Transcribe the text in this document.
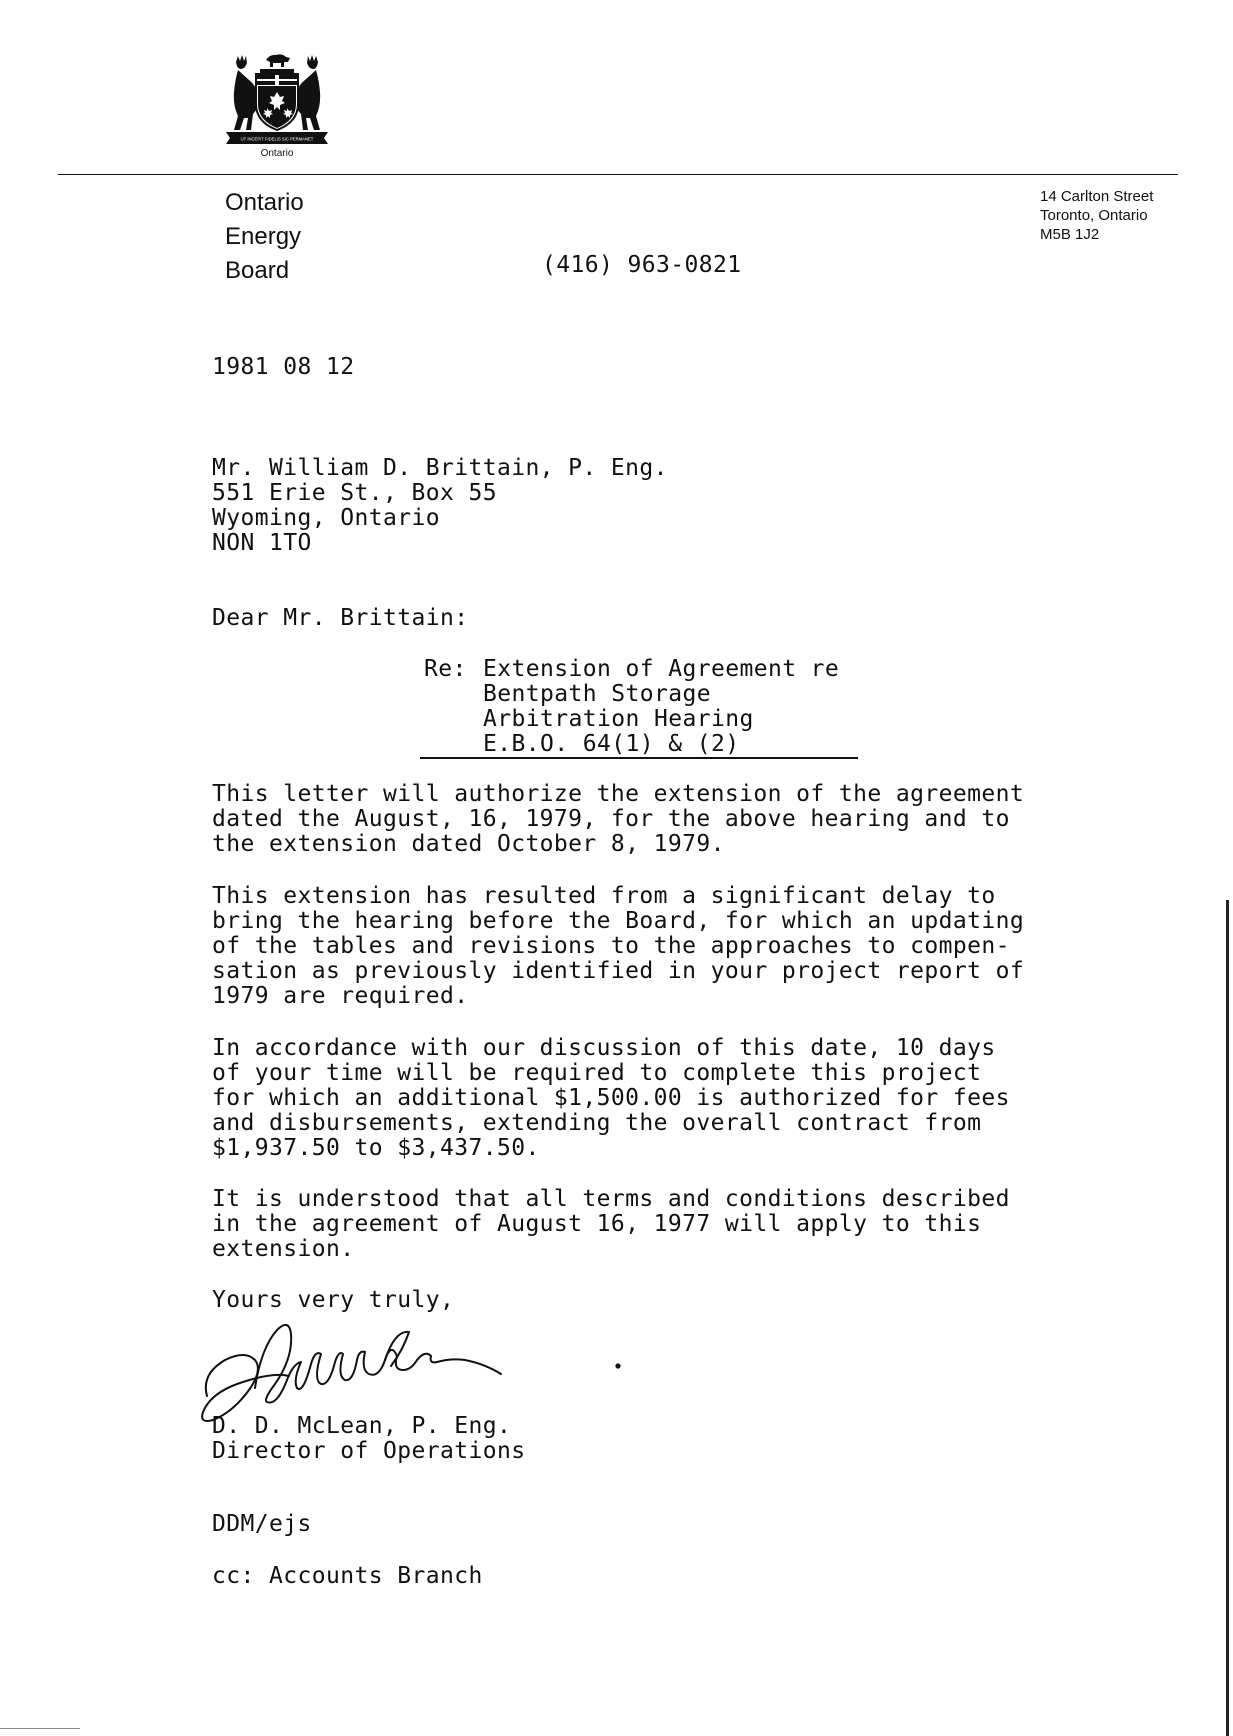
UT INCEPIT FIDELIS SIC PERMANET
Ontario
Ontario
Energy
Board
14 Carlton Street
Toronto, Ontario
M5B 1J2
(416) 963-0821
1981 08 12
Mr. William D. Brittain, P. Eng.
551 Erie St., Box 55
Wyoming, Ontario
NON 1TO
Dear Mr. Brittain:
Re: Extension of Agreement re
Bentpath Storage
Arbitration Hearing
E.B.O. 64(1) & (2)
This letter will authorize the extension of the agreement
dated the August, 16, 1979, for the above hearing and to
the extension dated October 8, 1979.
This extension has resulted from a significant delay to
bring the hearing before the Board, for which an updating
of the tables and revisions to the approaches to compen-
sation as previously identified in your project report of
1979 are required.
In accordance with our discussion of this date, 10 days
of your time will be required to complete this project
for which an additional $1,500.00 is authorized for fees
and disbursements, extending the overall contract from
$1,937.50 to $3,437.50.
It is understood that all terms and conditions described
in the agreement of August 16, 1977 will apply to this
extension.
Yours very truly,
D. D. McLean, P. Eng.
Director of Operations
DDM/ejs
cc: Accounts Branch
